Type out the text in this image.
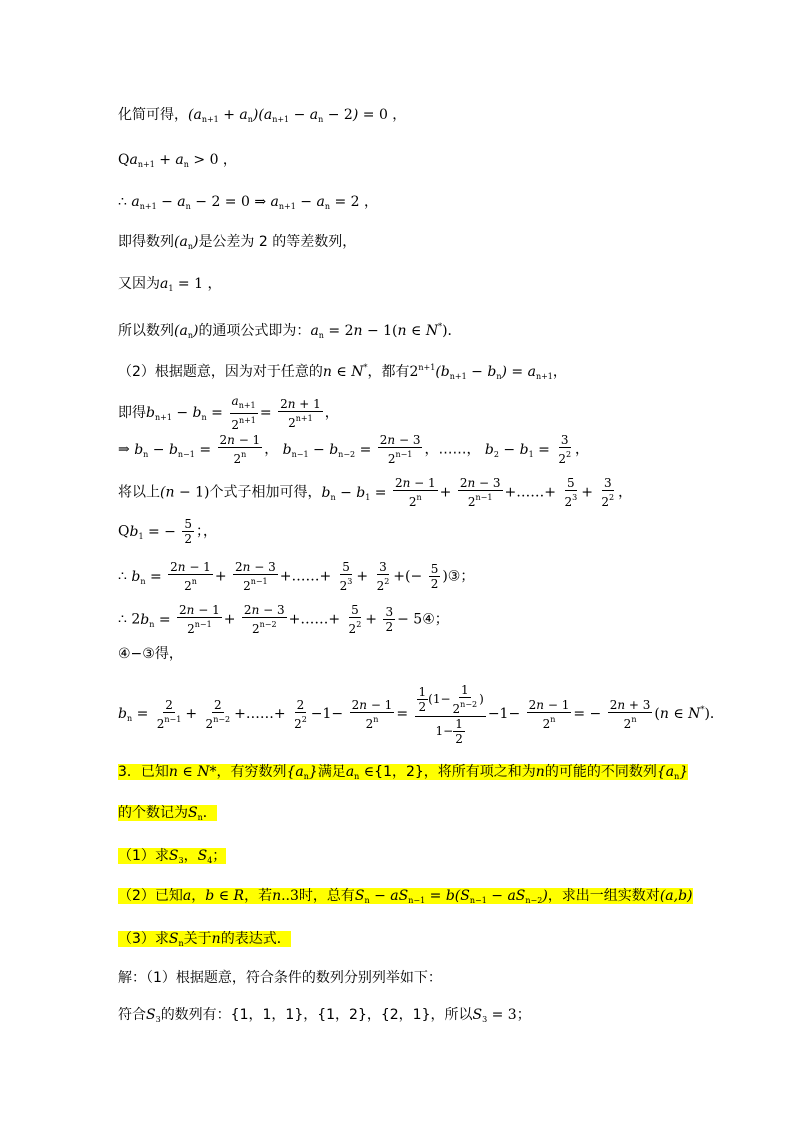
化简可得，$(a_{n+1} + a_n)(a_{n+1} - a_n - 2) = 0$ ，
$Qa_{n+1} + a_n > 0$ ，
∴ $a_{n+1} - a_n - 2 = 0$ ⇒ $a_{n+1} - a_n = 2$ ，
即得数列$(a_n)$是公差为 2 的等差数列，
又因为$a_1 = 1$ ，
所以数列$(a_n)$的通项公式即为：$a_n = 2n - 1(n$ ∈ N*)．
（2）根据题意，因为对于任意的n ∈ N*，都有$2^{n+1}(b_{n+1} - b_n) = a_{n+1}$，
即得$b_{n+1} - b_n = \frac{a_{n+1}}{2^{n+1}} = \frac{2n + 1}{2^{n+1}}$ ，
⇒ $b_n - b_{n-1} = \frac{2n - 1}{2^n}$ ， $b_{n-1} - b_{n-2} = \frac{2n - 3}{2^{n-1}}$ ，……， $b_2 - b_1 = \frac{3}{2^2}$ ，
将以上(n − 1)个式子相加可得，$b_n - b_1 = \frac{2n - 1}{2^n} + \frac{2n - 3}{2^{n-1}}$ +……+ $\frac{5}{2^3} + \frac{3}{2^2}$ ，
$Qb_1$ = − $\frac{5}{2}$ ；，
∴ $b_n = \frac{2n - 1}{2^n} + \frac{2n - 3}{2^{n-1}}$ +……+ $\frac{5}{2^3} + \frac{3}{2^2}$ +(− $\frac{5}{2}$ )③；
∴ $2b_n = \frac{2n - 1}{2^{n-1}} + \frac{2n - 3}{2^{n-2}}$ +……+ $\frac{5}{2^2} + \frac{3}{2}$ − 5④；
④−③得，
$b_n = \frac{2}{2^{n-1}} + \frac{2}{2^{n-2}}$ +……+ $\frac{2}{2^2} -1- \frac{2n - 1}{2^n} = \frac{\frac{1}{2} (1- \frac{1}{2^{n-2}} )}{1- \frac{1}{2}} -1- \frac{2n - 1}{2^n}$ = − $\frac{2n + 3}{2^n} (n$ ∈ N*)．
3．已知n ∈ N*，有穷数列$\{a_n\}$满足$a_n$ ∈{1，2}，将所有项之和为n的可能的不同数列$\{a_n\}$
的个数记为$S_n$．
（1）求$S_3$，$S_4$；
（2）已知a，b ∈ R，若n..3时，总有$S_n - aS_{n-1} = b(S_{n-1} - aS_{n-2})$，求出一组实数对(a,b)
（3）求$S_n$关于n的表达式．
解：（1）根据题意，符合条件的数列分别列举如下：
符合$S_3$的数列有：{1，1，1}，{1，2}，{2，1}，所以$S_3 = 3$；
